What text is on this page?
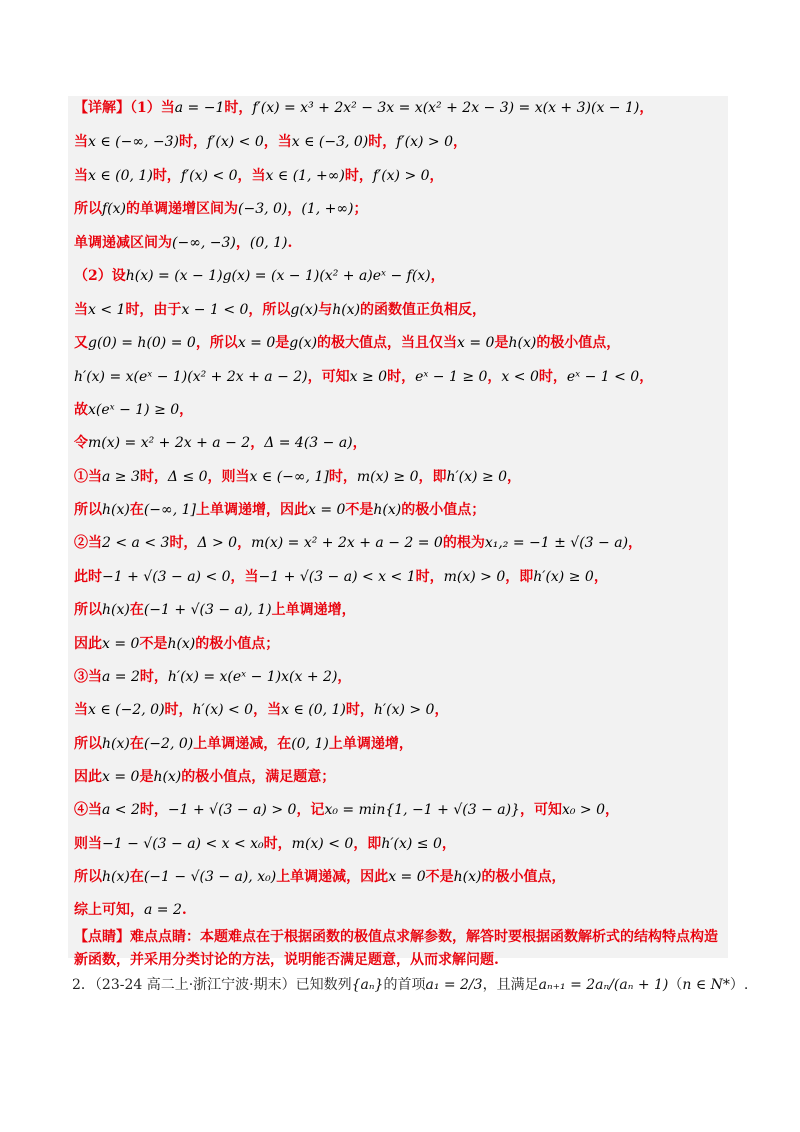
【详解】（1）当a = −1时，f′(x) = x³ + 2x² − 3x = x(x² + 2x − 3) = x(x + 3)(x − 1)，
当x ∈ (−∞, −3)时，f′(x) < 0，当x ∈ (−3, 0)时，f′(x) > 0，
当x ∈ (0, 1)时，f′(x) < 0，当x ∈ (1, +∞)时，f′(x) > 0，
所以f(x)的单调递增区间为(−3, 0)，(1, +∞)；
单调递减区间为(−∞, −3)，(0, 1).
（2）设h(x) = (x − 1)g(x) = (x − 1)(x² + a)eˣ − f(x)，
当x < 1时，由于x − 1 < 0，所以g(x)与h(x)的函数值正负相反，
又g(0) = h(0) = 0，所以x = 0是g(x)的极大值点，当且仅当x = 0是h(x)的极小值点，
h′(x) = x(eˣ − 1)(x² + 2x + a − 2)，可知x ≥ 0时，eˣ − 1 ≥ 0，x < 0时，eˣ − 1 < 0，
故x(eˣ − 1) ≥ 0，
令m(x) = x² + 2x + a − 2，Δ = 4(3 − a)，
①当a ≥ 3时，Δ ≤ 0，则当x ∈ (−∞, 1]时，m(x) ≥ 0，即h′(x) ≥ 0，
所以h(x)在(−∞, 1]上单调递增，因此x = 0不是h(x)的极小值点；
②当2 < a < 3时，Δ > 0，m(x) = x² + 2x + a − 2 = 0的根为x₁,₂ = −1 ± √(3 − a)，
此时−1 + √(3 − a) < 0，当−1 + √(3 − a) < x < 1时，m(x) > 0，即h′(x) ≥ 0，
所以h(x)在(−1 + √(3 − a), 1)上单调递增，
因此x = 0不是h(x)的极小值点；
③当a = 2时，h′(x) = x(eˣ − 1)x(x + 2)，
当x ∈ (−2, 0)时，h′(x) < 0，当x ∈ (0, 1)时，h′(x) > 0，
所以h(x)在(−2, 0)上单调递减，在(0, 1)上单调递增，
因此x = 0是h(x)的极小值点，满足题意；
④当a < 2时，−1 + √(3 − a) > 0，记x₀ = min{1, −1 + √(3 − a)}，可知x₀ > 0，
则当−1 − √(3 − a) < x < x₀时，m(x) < 0，即h′(x) ≤ 0，
所以h(x)在(−1 − √(3 − a), x₀)上单调递减，因此x = 0不是h(x)的极小值点，
综上可知，a = 2.
【点睛】难点点睛：本题难点在于根据函数的极值点求解参数，解答时要根据函数解析式的结构特点构造
新函数，并采用分类讨论的方法，说明能否满足题意，从而求解问题.
2．（23-24 高二上·浙江宁波·期末）已知数列{aₙ}的首项a₁ = 2/3，且满足aₙ₊₁ = 2aₙ/(aₙ + 1)（n ∈ N*）.
